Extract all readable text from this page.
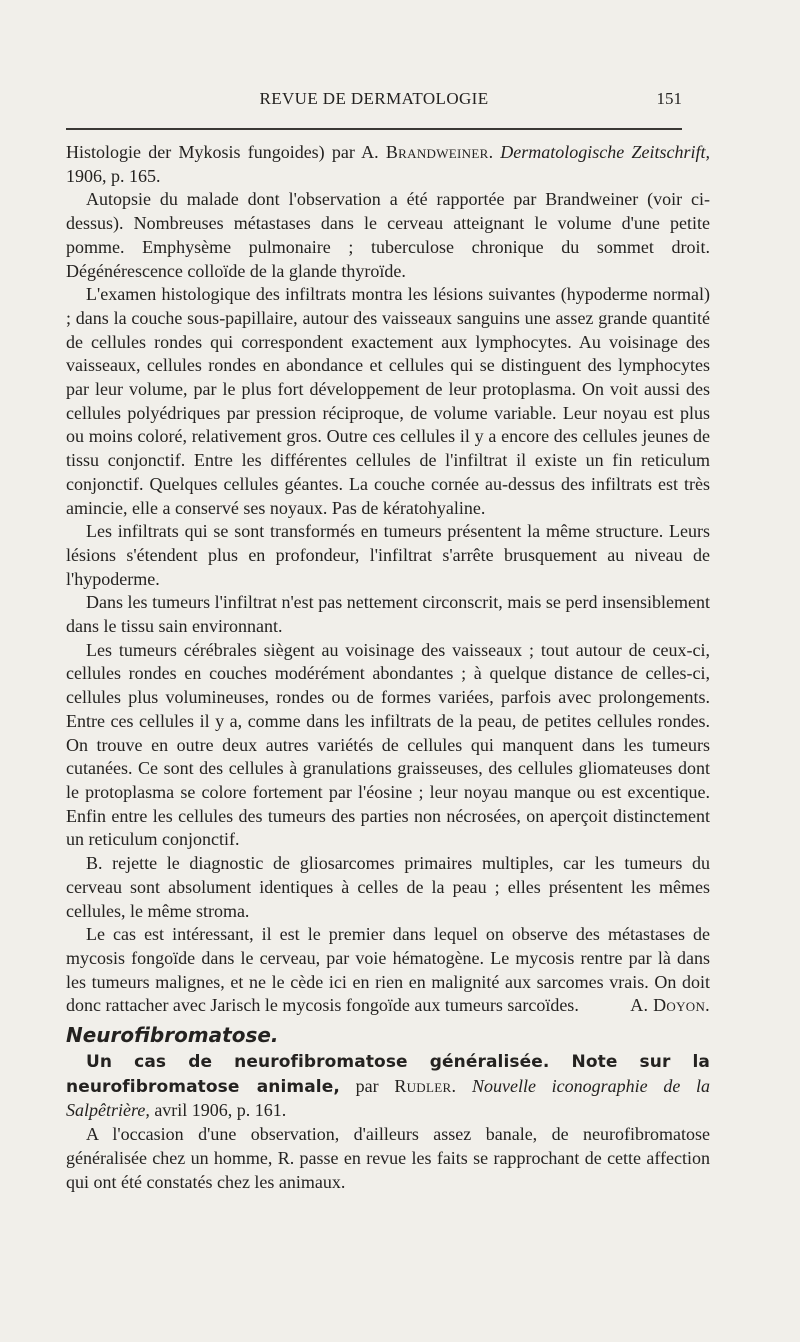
REVUE DE DERMATOLOGIE	151

Histologie der Mykosis fungoides) par A. Brandweiner. Dermatologische Zeitschrift, 1906, p. 165.

Autopsie du malade dont l'observation a été rapportée par Brandweiner (voir ci-dessus). Nombreuses métastases dans le cerveau atteignant le volume d'une petite pomme. Emphysème pulmonaire ; tuberculose chronique du sommet droit. Dégénérescence colloïde de la glande thyroïde.

L'examen histologique des infiltrats montra les lésions suivantes (hypoderme normal) ; dans la couche sous-papillaire, autour des vaisseaux sanguins une assez grande quantité de cellules rondes qui correspondent exactement aux lymphocytes. Au voisinage des vaisseaux, cellules rondes en abondance et cellules qui se distinguent des lymphocytes par leur volume, par le plus fort développement de leur protoplasma. On voit aussi des cellules polyédriques par pression réciproque, de volume variable. Leur noyau est plus ou moins coloré, relativement gros. Outre ces cellules il y a encore des cellules jeunes de tissu conjonctif. Entre les différentes cellules de l'infiltrat il existe un fin reticulum conjonctif. Quelques cellules géantes. La couche cornée au-dessus des infiltrats est très amincie, elle a conservé ses noyaux. Pas de kératohyaline.

Les infiltrats qui se sont transformés en tumeurs présentent la même structure. Leurs lésions s'étendent plus en profondeur, l'infiltrat s'arrête brusquement au niveau de l'hypoderme.

Dans les tumeurs l'infiltrat n'est pas nettement circonscrit, mais se perd insensiblement dans le tissu sain environnant.

Les tumeurs cérébrales siègent au voisinage des vaisseaux ; tout autour de ceux-ci, cellules rondes en couches modérément abondantes ; à quelque distance de celles-ci, cellules plus volumineuses, rondes ou de formes variées, parfois avec prolongements. Entre ces cellules il y a, comme dans les infiltrats de la peau, de petites cellules rondes. On trouve en outre deux autres variétés de cellules qui manquent dans les tumeurs cutanées. Ce sont des cellules à granulations graisseuses, des cellules gliomateuses dont le protoplasma se colore fortement par l'éosine ; leur noyau manque ou est excentique. Enfin entre les cellules des tumeurs des parties non nécrosées, on aperçoit distinctement un reticulum conjonctif.

B. rejette le diagnostic de gliosarcomes primaires multiples, car les tumeurs du cerveau sont absolument identiques à celles de la peau ; elles présentent les mêmes cellules, le même stroma.

Le cas est intéressant, il est le premier dans lequel on observe des métastases de mycosis fongoïde dans le cerveau, par voie hématogène. Le mycosis rentre par là dans les tumeurs malignes, et ne le cède ici en rien en malignité aux sarcomes vrais. On doit donc rattacher avec Jarisch le mycosis fongoïde aux tumeurs sarcoïdes.	A. Doyon.

Neurofibromatose.

Un cas de neurofibromatose généralisée. Note sur la neurofibromatose animale, par Rudler. Nouvelle iconographie de la Salpêtrière, avril 1906, p. 161.

A l'occasion d'une observation, d'ailleurs assez banale, de neurofibromatose généralisée chez un homme, R. passe en revue les faits se rapprochant de cette affection qui ont été constatés chez les animaux.
